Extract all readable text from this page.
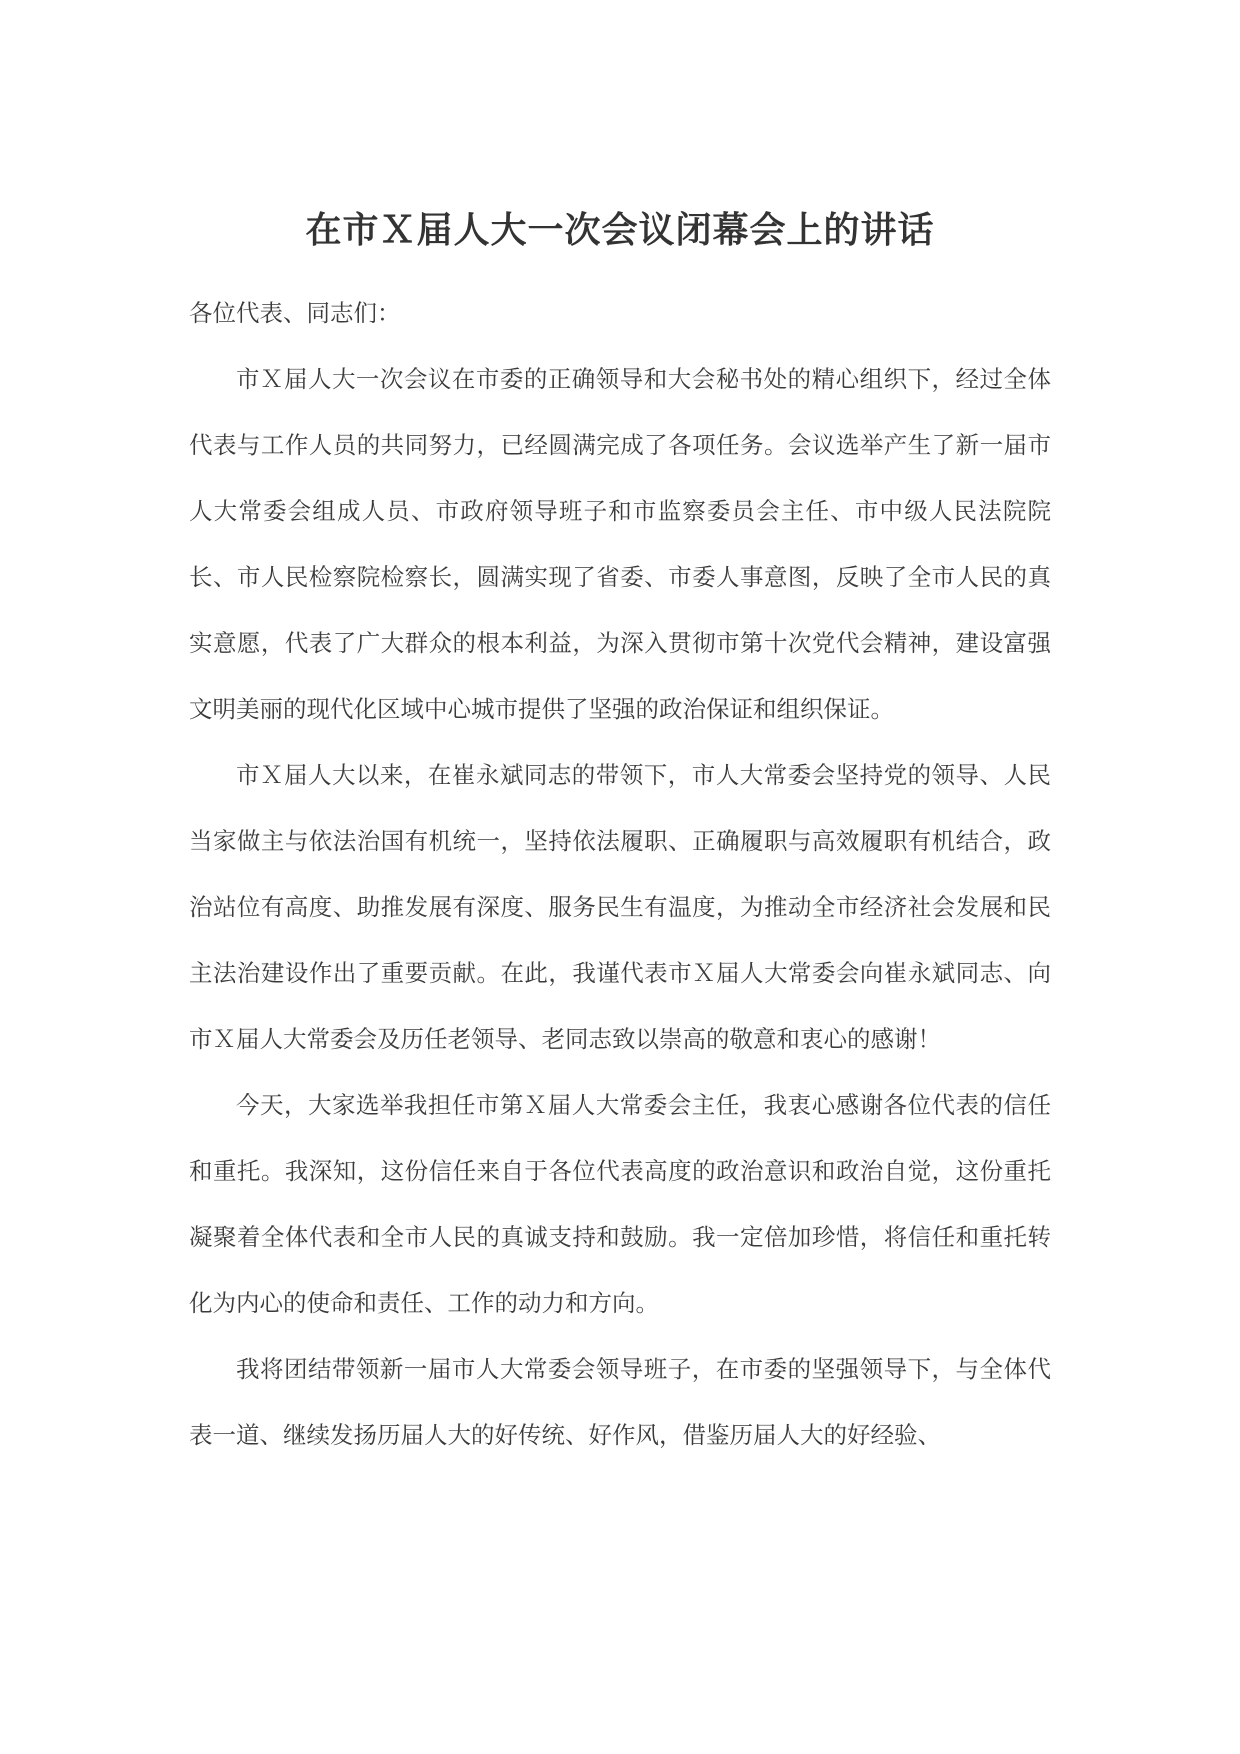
在市Ｘ届人大一次会议闭幕会上的讲话

各位代表、同志们：

市Ｘ届人大一次会议在市委的正确领导和大会秘书处的精心组织下，经过全体代表与工作人员的共同努力，已经圆满完成了各项任务。会议选举产生了新一届市人大常委会组成人员、市政府领导班子和市监察委员会主任、市中级人民法院院长、市人民检察院检察长，圆满实现了省委、市委人事意图，反映了全市人民的真实意愿，代表了广大群众的根本利益，为深入贯彻市第十次党代会精神，建设富强文明美丽的现代化区域中心城市提供了坚强的政治保证和组织保证。

市Ｘ届人大以来，在崔永斌同志的带领下，市人大常委会坚持党的领导、人民当家做主与依法治国有机统一，坚持依法履职、正确履职与高效履职有机结合，政治站位有高度、助推发展有深度、服务民生有温度，为推动全市经济社会发展和民主法治建设作出了重要贡献。在此，我谨代表市Ｘ届人大常委会向崔永斌同志、向市Ｘ届人大常委会及历任老领导、老同志致以崇高的敬意和衷心的感谢！

今天，大家选举我担任市第Ｘ届人大常委会主任，我衷心感谢各位代表的信任和重托。我深知，这份信任来自于各位代表高度的政治意识和政治自觉，这份重托凝聚着全体代表和全市人民的真诚支持和鼓励。我一定倍加珍惜，将信任和重托转化为内心的使命和责任、工作的动力和方向。

我将团结带领新一届市人大常委会领导班子，在市委的坚强领导下，与全体代表一道、继续发扬历届人大的好传统、好作风，借鉴历届人大的好经验、
